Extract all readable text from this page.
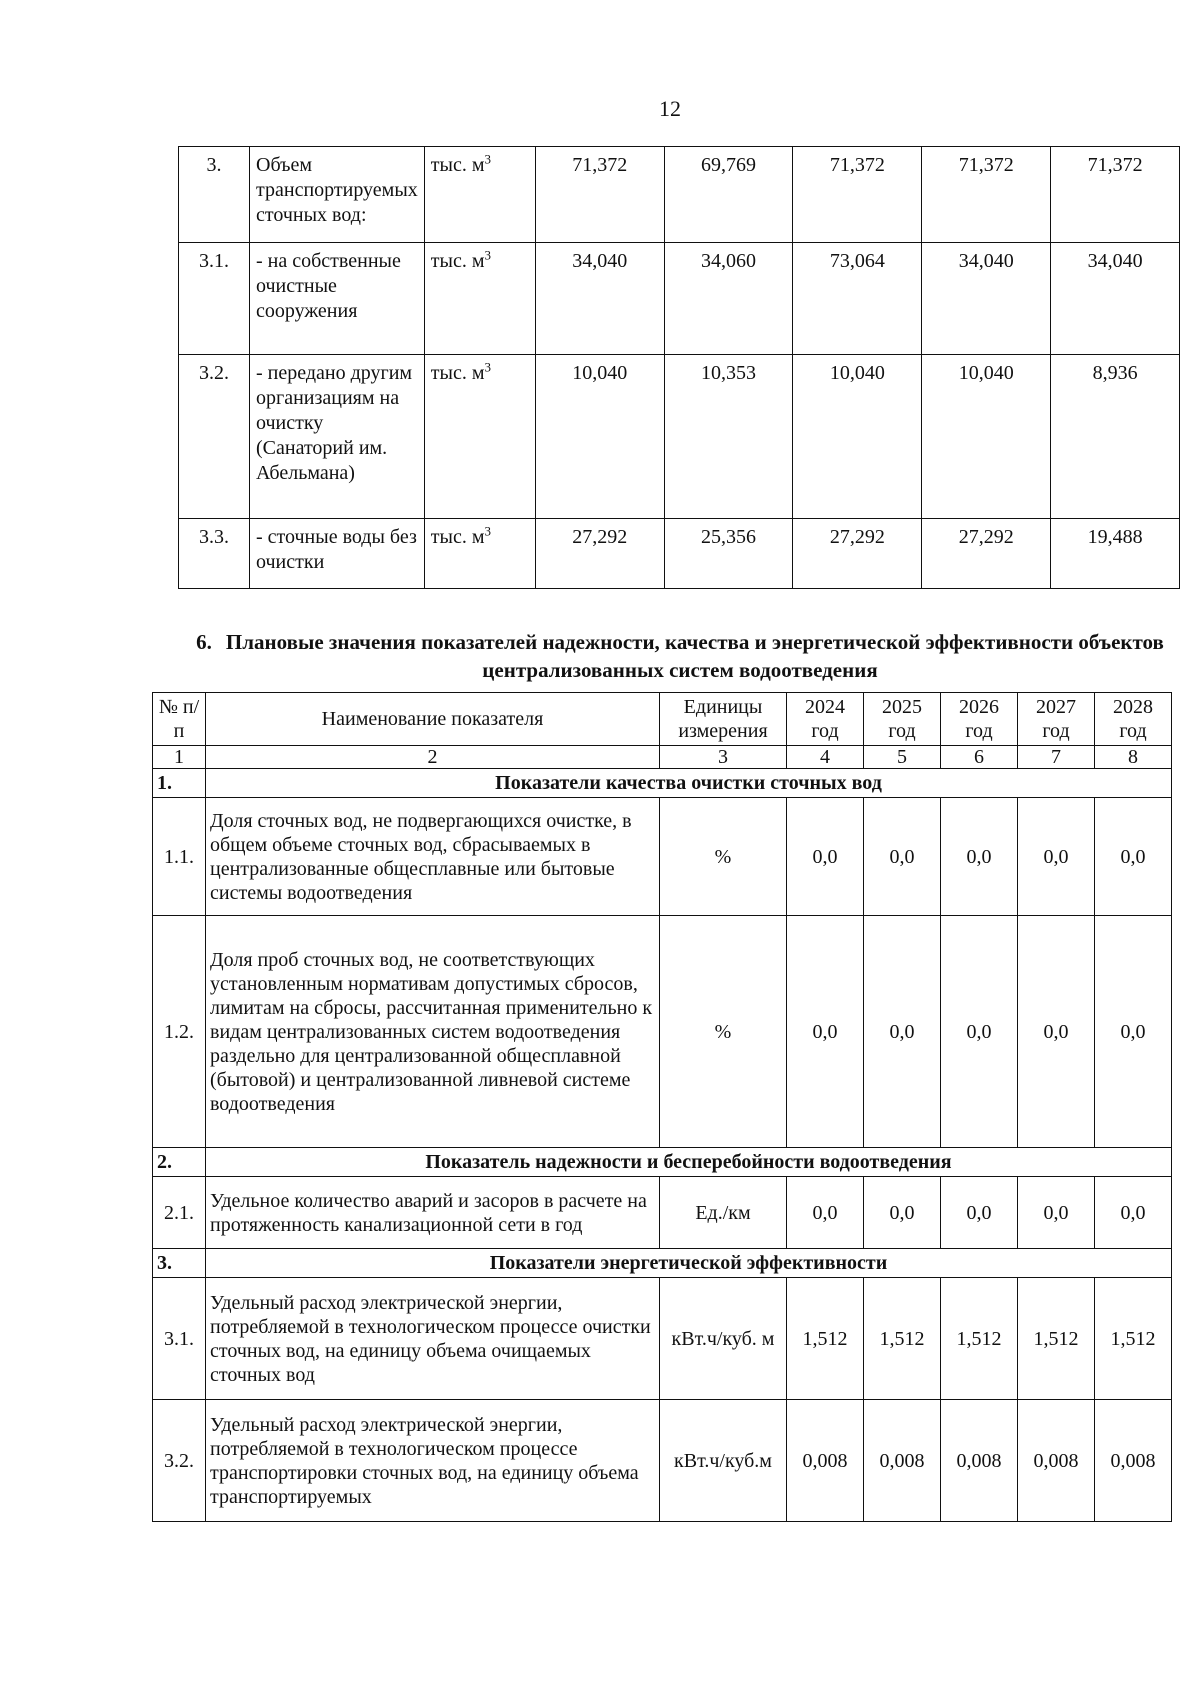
12
3.	Объем транспортируемых сточных вод:	тыс. $м^3$	71,372	69,769	71,372	71,372	71,372
3.1.	- на собственные очистные сооружения	тыс. $м^3$	34,040	34,060	73,064	34,040	34,040
3.2.	- передано другим организациям на очистку (Санаторий им. Абельмана)	тыс. $м^3$	10,040	10,353	10,040	10,040	8,936
3.3.	- сточные воды без очистки	тыс. $м^3$	27,292	25,356	27,292	27,292	19,488
6. Плановые значения показателей надежности, качества и энергетической эффективности объектов централизованных систем водоотведения
№ п/п	Наименование показателя	Единицы измерения	2024 год	2025 год	2026 год	2027 год	2028 год
1	2	3	4	5	6	7	8
1.	Показатели качества очистки сточных вод						
1.1.	Доля сточных вод, не подвергающихся очистке, в общем объеме сточных вод, сбрасываемых в централизованные общесплавные или бытовые системы водоотведения	%	0,0	0,0	0,0	0,0	0,0
1.2.	Доля проб сточных вод, не соответствующих установленным нормативам допустимых сбросов, лимитам на сбросы, рассчитанная применительно к видам централизованных систем водоотведения раздельно для централизованной общесплавной (бытовой) и централизованной ливневой системе водоотведения	%	0,0	0,0	0,0	0,0	0,0
2.	Показатель надежности и бесперебойности водоотведения						
2.1.	Удельное количество аварий и засоров в расчете на протяженность канализационной сети в год	Ед./км	0,0	0,0	0,0	0,0	0,0
3.	Показатели энергетической эффективности						
3.1.	Удельный расход электрической энергии, потребляемой в технологическом процессе очистки сточных вод, на единицу объема очищаемых сточных вод	кВт.ч/куб. м	1,512	1,512	1,512	1,512	1,512
3.2.	Удельный расход электрической энергии, потребляемой в технологическом процессе транспортировки сточных вод, на единицу объема транспортируемых	кВт.ч/куб.м	0,008	0,008	0,008	0,008	0,008
